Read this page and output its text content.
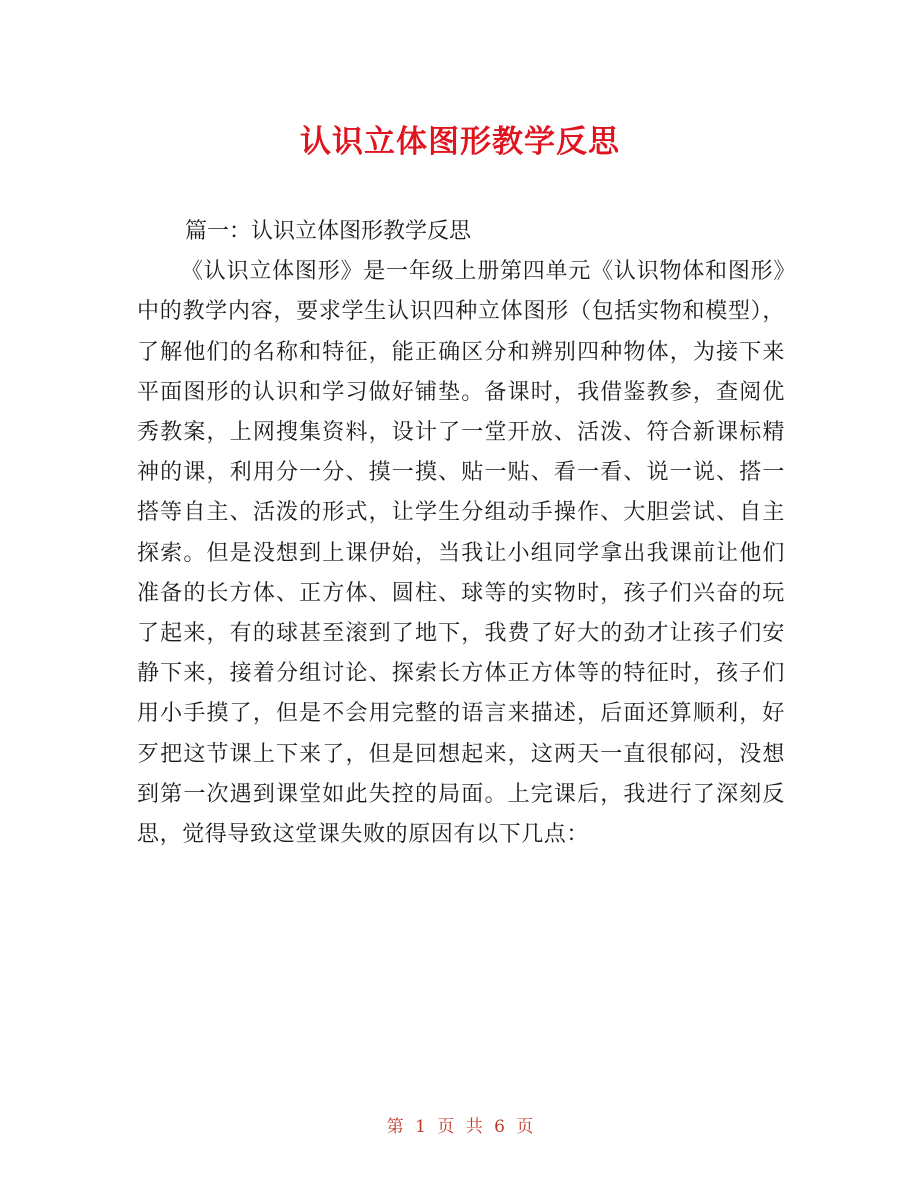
认识立体图形教学反思

篇一：认识立体图形教学反思

《认识立体图形》是一年级上册第四单元《认识物体和图形》中的教学内容，要求学生认识四种立体图形（包括实物和模型），了解他们的名称和特征，能正确区分和辨别四种物体，为接下来平面图形的认识和学习做好铺垫。备课时，我借鉴教参，查阅优秀教案，上网搜集资料，设计了一堂开放、活泼、符合新课标精神的课，利用分一分、摸一摸、贴一贴、看一看、说一说、搭一搭等自主、活泼的形式，让学生分组动手操作、大胆尝试、自主探索。但是没想到上课伊始，当我让小组同学拿出我课前让他们准备的长方体、正方体、圆柱、球等的实物时，孩子们兴奋的玩了起来，有的球甚至滚到了地下，我费了好大的劲才让孩子们安静下来，接着分组讨论、探索长方体正方体等的特征时，孩子们用小手摸了，但是不会用完整的语言来描述，后面还算顺利，好歹把这节课上下来了，但是回想起来，这两天一直很郁闷，没想到第一次遇到课堂如此失控的局面。上完课后，我进行了深刻反思，觉得导致这堂课失败的原因有以下几点：

第 1 页 共 6 页
